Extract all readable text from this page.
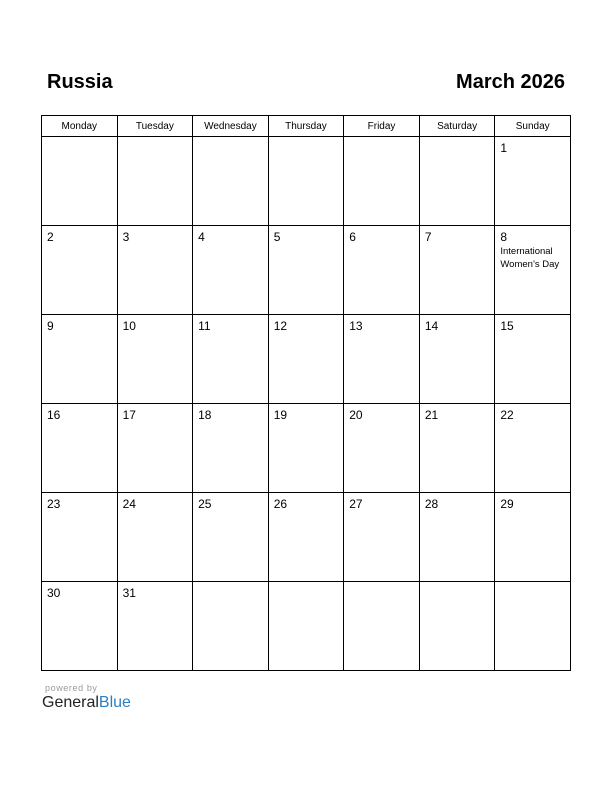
Russia	March 2026
Monday	Tuesday	Wednesday	Thursday	Friday	Saturday	Sunday

						1

2	3	4	5	6	7	8
International Women’s Day

9	10	11	12	13	14	15

16	17	18	19	20	21	22

23	24	25	26	27	28	29

30	31					

powered by
GeneralBlue
